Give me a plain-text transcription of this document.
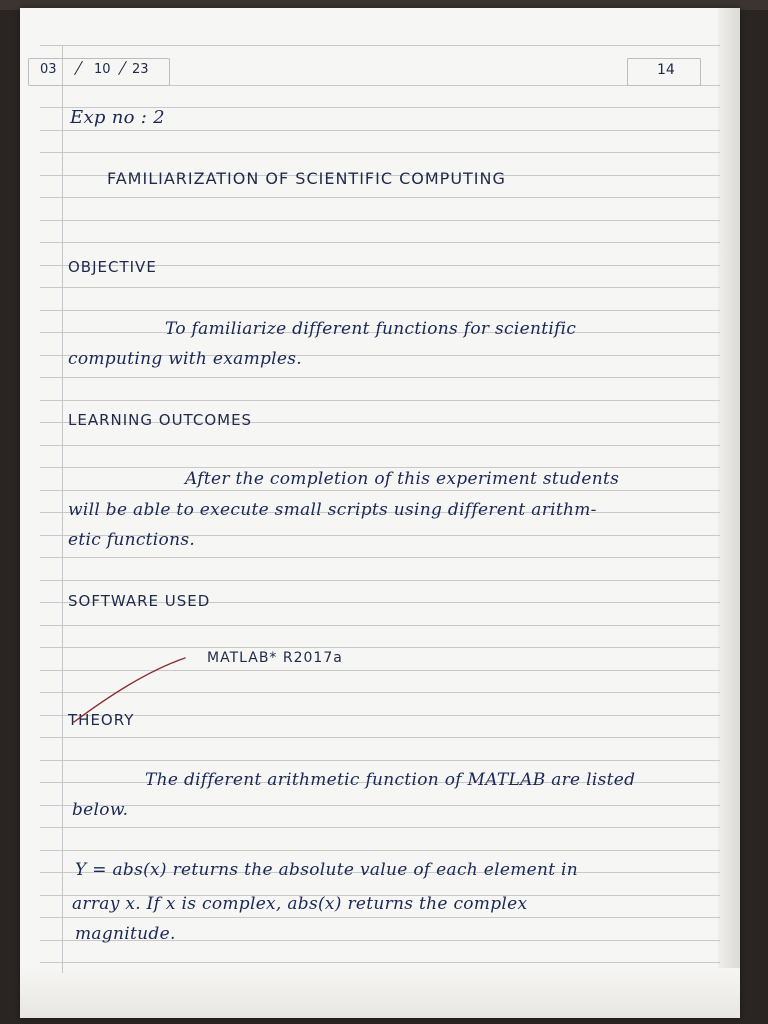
03	10 23	14
Exp no : 2
FAMILIARIZATION OF SCIENTIFIC COMPUTING
OBJECTIVE
To familiarize different functions for scientific
computing with examples.
LEARNING OUTCOMES
After the completion of this experiment students
will be able to execute small scripts using different arithm-
etic functions.
SOFTWARE USED
MATLAB* R2017a
THEORY
The different arithmetic function of MATLAB are listed
below.
Y = abs(x) returns the absolute value of each element in
array x. If x is complex, abs(x) returns the complex
magnitude.
